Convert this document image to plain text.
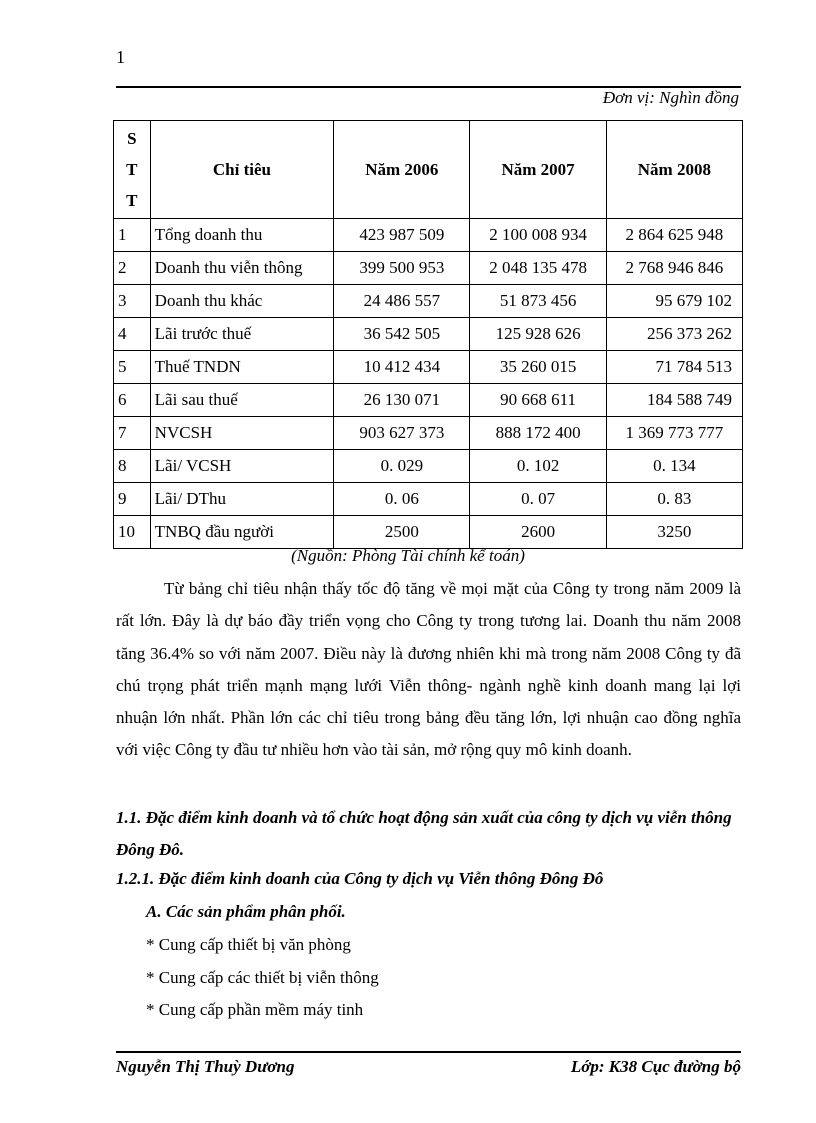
1
Đơn vị: Nghìn đồng
S
T
T	Chỉ tiêu	Năm 2006	Năm 2007	Năm 2008
1	Tổng doanh thu	423 987 509	2 100 008 934	2 864 625 948
2	Doanh thu viễn thông	399 500 953	2 048 135 478	2 768 946 846
3	Doanh thu khác	24 486 557	51 873 456	95 679 102
4	Lãi trước thuế	36 542 505	125 928 626	256 373 262
5	Thuế TNDN	10 412 434	35 260 015	71 784 513
6	Lãi sau thuế	26 130 071	90 668 611	184 588 749
7	NVCSH	903 627 373	888 172 400	1 369 773 777
8	Lãi/ VCSH	0. 029	0. 102	0. 134
9	Lãi/ DThu	0. 06	0. 07	0. 83
10	TNBQ đầu người	2500	2600	3250
(Nguồn: Phòng Tài chính kế toán)
Từ bảng chỉ tiêu nhận thấy tốc độ tăng về mọi mặt của Công ty trong năm 2009 là rất lớn. Đây là dự báo đầy triển vọng cho Công ty trong tương lai. Doanh thu năm 2008 tăng 36.4% so với năm 2007. Điều này là đương nhiên khi mà trong năm 2008 Công ty đã chú trọng phát triển mạnh mạng lưới Viễn thông- ngành nghề kinh doanh mang lại lợi nhuận lớn nhất. Phần lớn các chỉ tiêu trong bảng đều tăng lớn, lợi nhuận cao đồng nghĩa với việc Công ty đầu tư nhiều hơn vào tài sản, mở rộng quy mô kinh doanh.
1.1. Đặc điểm kinh doanh và tổ chức hoạt động sản xuất của công ty dịch vụ viễn thông Đông Đô.
1.2.1. Đặc điểm kinh doanh của Công ty dịch vụ Viễn thông Đông Đô
A. Các sản phẩm phân phối.
* Cung cấp thiết bị văn phòng
* Cung cấp các thiết bị viễn thông
* Cung cấp phần mềm máy tinh
Nguyễn Thị Thuỳ Dương	Lớp: K38 Cục đường bộ
